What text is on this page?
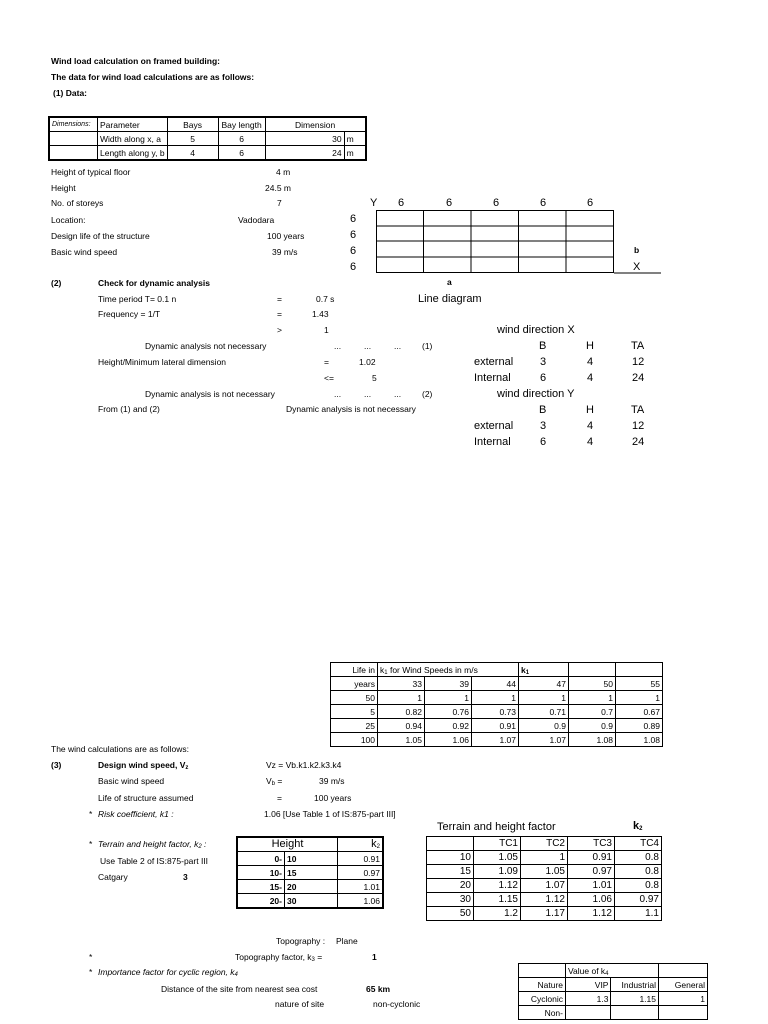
Wind load calculation on framed building:
The data for wind load calculations are as follows:
(1) Data:
Dimensions:	Parameter	Bays	Bay length	Dimension	
	Width along x, a	5	6	30	m
	Length along y, b	4	6	24	m
Height of typical floor	4 m
Height	24.5 m
No. of storeys	7
Location:	Vadodara
Design life of the structure	100 years
Basic wind speed	39 m/s
Y 6	6	6	6	6
6
6
6
6
b
X
a
Line diagram
(2)	Check for dynamic analysis
Time period T= 0.1 n	=	0.7 s
Frequency = 1/T	=	1.43
>	1
Dynamic analysis not necessary	...	...	... (1)
Height/Minimum lateral dimension	=	1.02
<=	5
Dynamic analysis is not necessary	...	...	... (2)
From (1) and (2)	Dynamic analysis is not necessary
wind direction X
B	H	TA
external 3	4	12
Internal	6	4	24
wind direction Y
B	H	TA
external 3	4	12
Internal	6	4	24
Life in	$k_1$ for Wind Speeds in m/s			$k_1$		
years	33	39	44	47	50	55
50	1	1	1	1	1	1
5	0.82	0.76	0.73	0.71	0.7	0.67
25	0.94	0.92	0.91	0.9	0.9	0.89
100	1.05	1.06	1.07	1.07	1.08	1.08
The wind calculations are as follows:
(3)	Design wind speed, $V_z$	Vz = Vb.k1.k2.k3.k4
Basic wind speed	$V_b$ =	39 m/s
Life of structure assumed	=	100 years
* Risk coefficient, k1 :	1.06 [Use Table 1 of IS:875-part III]
* Terrain and height factor, $k_2$ :
Use Table 2 of IS:875-part III
Catgary	3
Height		$k_2$
0-	10	0.91
10-	15	0.97
15-	20	1.01
20-	30	1.06
Terrain and height factor	$k_2$
	TC1	TC2	TC3	TC4
10	1.05	1	0.91	0.8
15	1.09	1.05	0.97	0.8
20	1.12	1.07	1.01	0.8
30	1.15	1.12	1.06	0.97
50	1.2	1.17	1.12	1.1
Topography : Plane
*	Topography factor, $k_3$ =	1
* Importance factor for cyclic region, $k_4$
Distance of the site from nearest sea cost	65 km
nature of site	non-cyclonic
	Value of $k_4$	
Nature	VIP	Industrial	General
Cyclonic	1.3	1.15	1
Non-			
